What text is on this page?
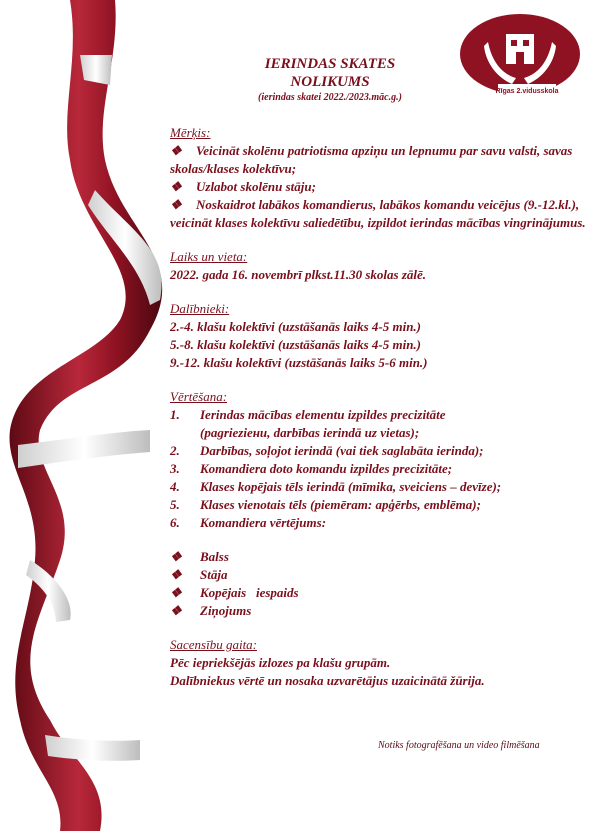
Rīgas 2.vidusskola
IERINDAS SKATES
NOLIKUMS
(ierindas skatei 2022./2023.māc.g.)

Mērķis:

❖ Veicināt skolēnu patriotisma apziņu un lepnumu par savu valsti, savas skolas/klases kolektīvu;

❖ Uzlabot skolēnu stāju;

❖ Noskaidrot labākos komandierus, labākos komandu veicējus (9.-12.kl.), veicināt klases kolektīvu saliedētību, izpildot ierindas mācības vingrinājumus.

Laiks un vieta:

2022. gada 16. novembrī plkst.11.30 skolas zālē.

Dalībnieki:

2.-4. klašu kolektīvi (uzstāšanās laiks 4-5 min.)

5.-8. klašu kolektīvi (uzstāšanās laiks 4-5 min.)

9.-12. klašu kolektīvi (uzstāšanās laiks 5-6 min.)

Vērtēšana:

1. Ierindas mācības elementu izpildes precizitāte

(pagrieziени, darbības ierindā uz vietas);

2. Darbības, soļojot ierindā (vai tiek saglabāta ierinda);

3. Komandiera doto komandu izpildes precizitāte;

4. Klases kopējais tēls ierindā (mīmika, sveiciens – devīze);

5. Klases vienotais tēls (piemēram: apģērbs, emblēma);

6. Komandiera vērtējums:

❖ Balss

❖ Stāja

❖ Kopējais   iespaids

❖ Ziņojums

Sacensību gaita:

Pēc iepriekšējās izlozes pa klašu grupām.

Dalībniekus vērtē un nosaka uzvarētājus uzaicinātā žūrija.

Notiks fotografēšana un video filmēšana
